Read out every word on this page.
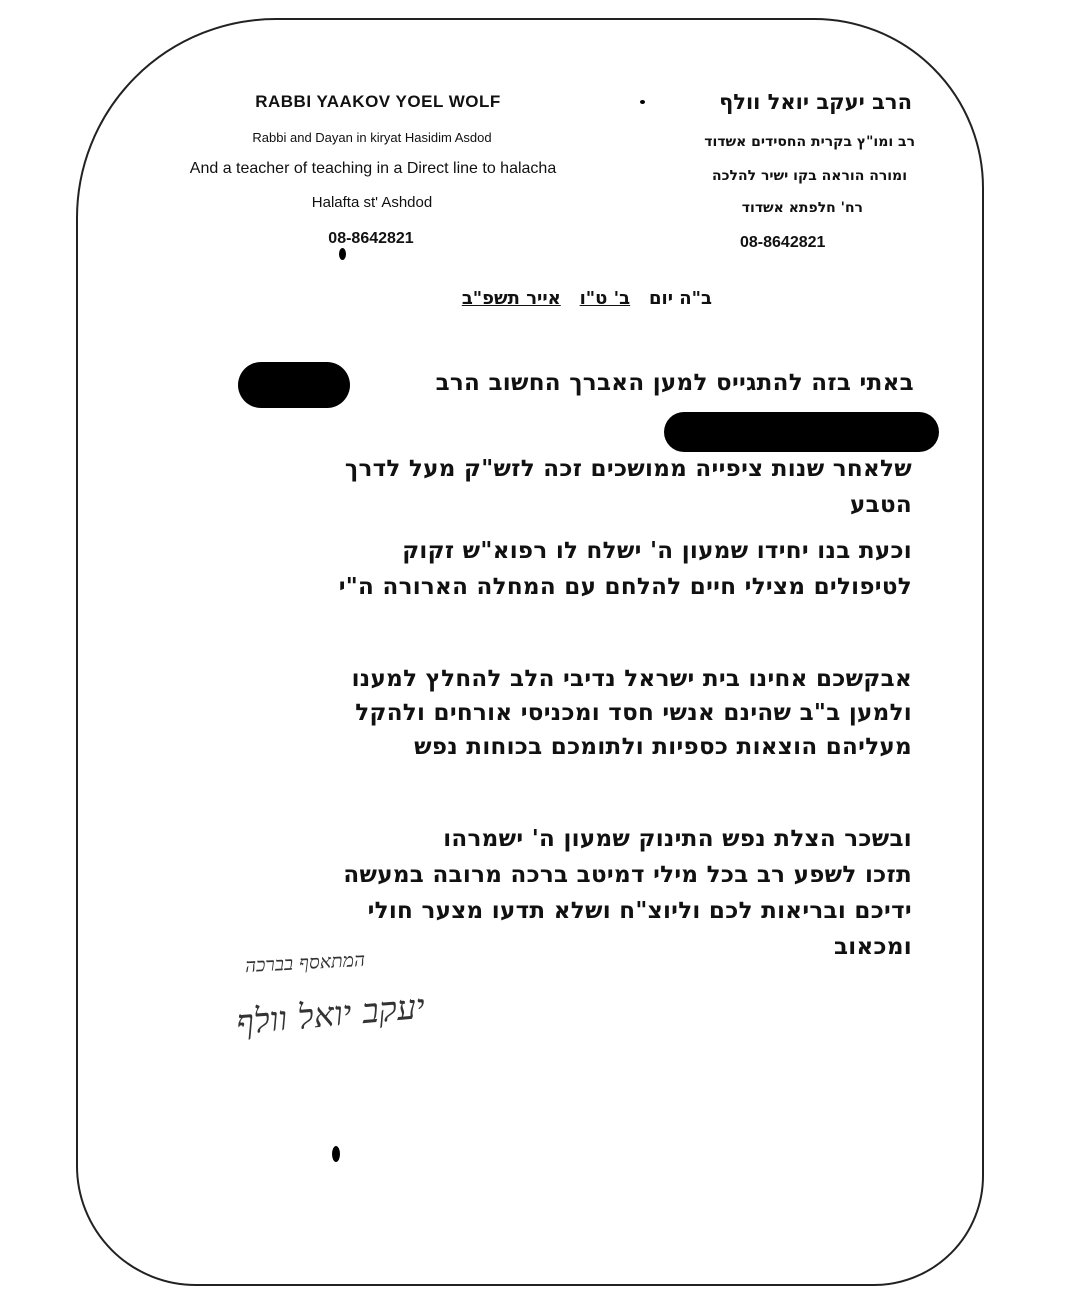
RABBI YAAKOV YOEL WOLF
Rabbi and Dayan in kiryat Hasidim Asdod
And a teacher of teaching in a Direct line to halacha
Halafta st' Ashdod
08-8642821
הרב יעקב יואל וולף
רב ומו"ץ בקרית החסידים אשדוד
ומורה הוראה בקו ישיר להלכה
רח' חלפתא אשדוד
08-8642821
ב"ה יום   ב' ט"ו   אייר תשפ"ב
באתי בזה להתגייס למען האברך החשוב הרב
שלאחר שנות ציפייה ממושכים זכה לזש"ק מעל לדרך
הטבע
וכעת בנו יחידו שמעון ה' ישלח לו רפוא"ש זקוק
לטיפולים מצילי חיים להלחם עם המחלה הארורה ה"י
אבקשכם אחינו בית ישראל נדיבי הלב להחלץ למענו
ולמען ב"ב שהינם אנשי חסד ומכניסי אורחים ולהקל
מעליהם הוצאות כספיות ולתומכם בכוחות נפש
ובשכר הצלת נפש התינוק שמעון ה' ישמרהו
תזכו לשפע רב בכל מילי דמיטב ברכה מרובה במעשה
ידיכם ובריאות לכם וליוצ"ח ושלא תדעו מצער חולי
ומכאוב
המתאסף בברכה
יעקב יואל וולף
